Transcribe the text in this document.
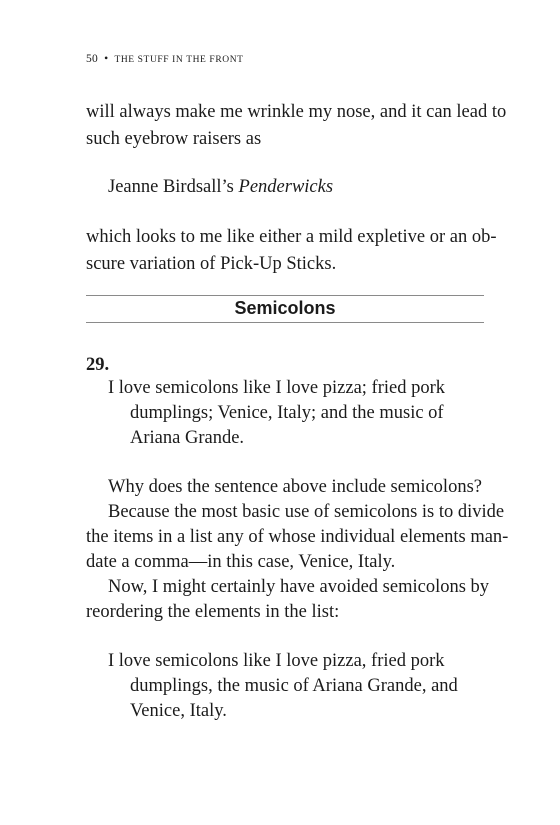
50 • THE STUFF IN THE FRONT
will always make me wrinkle my nose, and it can lead to
such eyebrow raisers as
Jeanne Birdsall’s Penderwicks
which looks to me like either a mild expletive or an ob-
scure variation of Pick-Up Sticks.
Semicolons
29.
I love semicolons like I love pizza; fried pork
dumplings; Venice, Italy; and the music of
Ariana Grande.
Why does the sentence above include semicolons?
Because the most basic use of semicolons is to divide
the items in a list any of whose individual elements man-
date a comma—in this case, Venice, Italy.
Now, I might certainly have avoided semicolons by
reordering the elements in the list:
I love semicolons like I love pizza, fried pork
dumplings, the music of Ariana Grande, and
Venice, Italy.
